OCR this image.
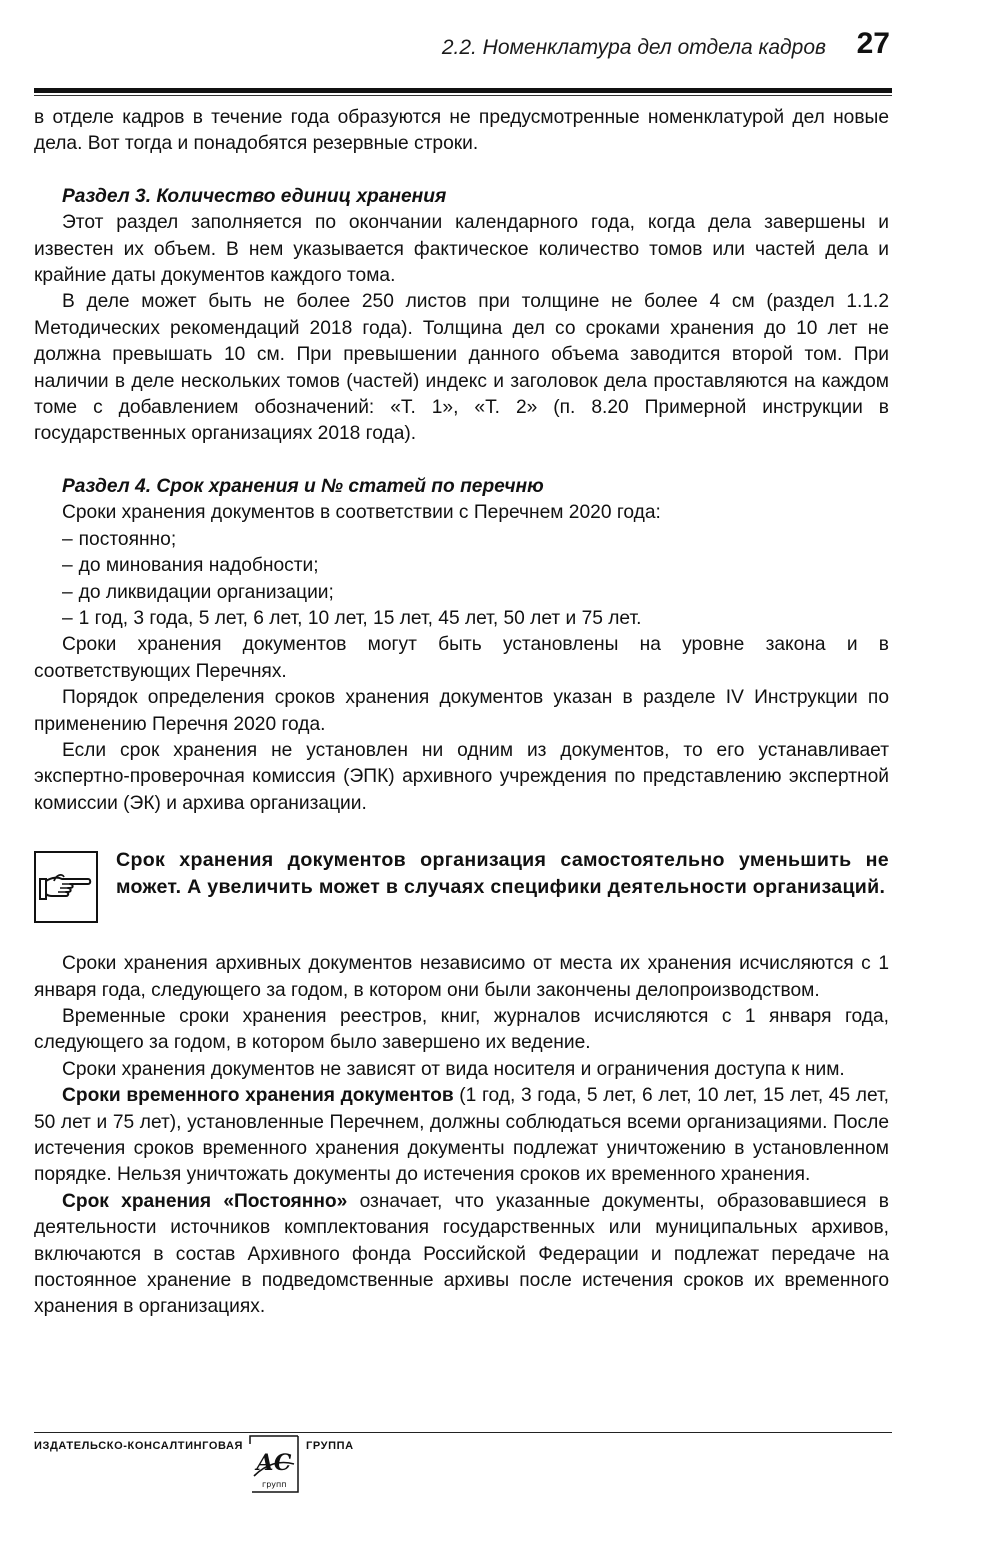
2.2. Номенклатура дел отдела кадров 27

в отделе кадров в течение года образуются не предусмотренные номенклатурой дел новые дела. Вот тогда и понадобятся резервные строки.

Раздел 3. Количество единиц хранения

Этот раздел заполняется по окончании календарного года, когда дела завершены и известен их объем. В нем указывается фактическое количество томов или частей дела и крайние даты документов каждого тома.

В деле может быть не более 250 листов при толщине не более 4 см (раздел 1.1.2 Методических рекомендаций 2018 года). Толщина дел со сроками хранения до 10 лет не должна превышать 10 см. При превышении данного объема заводится второй том. При наличии в деле нескольких томов (частей) индекс и заголовок дела проставляются на каждом томе с добавлением обозначений: «Т. 1», «Т. 2» (п. 8.20 Примерной инструкции в государственных организациях 2018 года).

Раздел 4. Срок хранения и № статей по перечню

Сроки хранения документов в соответствии с Перечнем 2020 года:

– постоянно;
– до минования надобности;
– до ликвидации организации;
– 1 год, 3 года, 5 лет, 6 лет, 10 лет, 15 лет, 45 лет, 50 лет и 75 лет.

Сроки хранения документов могут быть установлены на уровне закона и в соответствующих Перечнях.

Порядок определения сроков хранения документов указан в разделе IV Инструкции по применению Перечня 2020 года.

Если срок хранения не установлен ни одним из документов, то его устанавливает экспертно-проверочная комиссия (ЭПК) архивного учреждения по представлению экспертной комиссии (ЭК) и архива организации.

Срок хранения документов организация самостоятельно уменьшить не может. А увеличить может в случаях специфики деятельности организаций.

Сроки хранения архивных документов независимо от места их хранения исчисляются с 1 января года, следующего за годом, в котором они были закончены делопроизводством.

Временные сроки хранения реестров, книг, журналов исчисляются с 1 января года, следующего за годом, в котором было завершено их ведение.

Сроки хранения документов не зависят от вида носителя и ограничения доступа к ним.

Сроки временного хранения документов (1 год, 3 года, 5 лет, 6 лет, 10 лет, 15 лет, 45 лет, 50 лет и 75 лет), установленные Перечнем, должны соблюдаться всеми организациями. После истечения сроков временного хранения документы подлежат уничтожению в установленном порядке. Нельзя уничтожать документы до истечения сроков их временного хранения.

Срок хранения «Постоянно» означает, что указанные документы, образовавшиеся в деятельности источников комплектования государственных или муниципальных архивов, включаются в состав Архивного фонда Российской Федерации и подлежат передаче на постоянное хранение в подведомственные архивы после истечения сроков их временного хранения в организациях.

ИЗДАТЕЛЬСКО-КОНСАЛТИНГОВАЯ
АС
групп
ГРУППА
